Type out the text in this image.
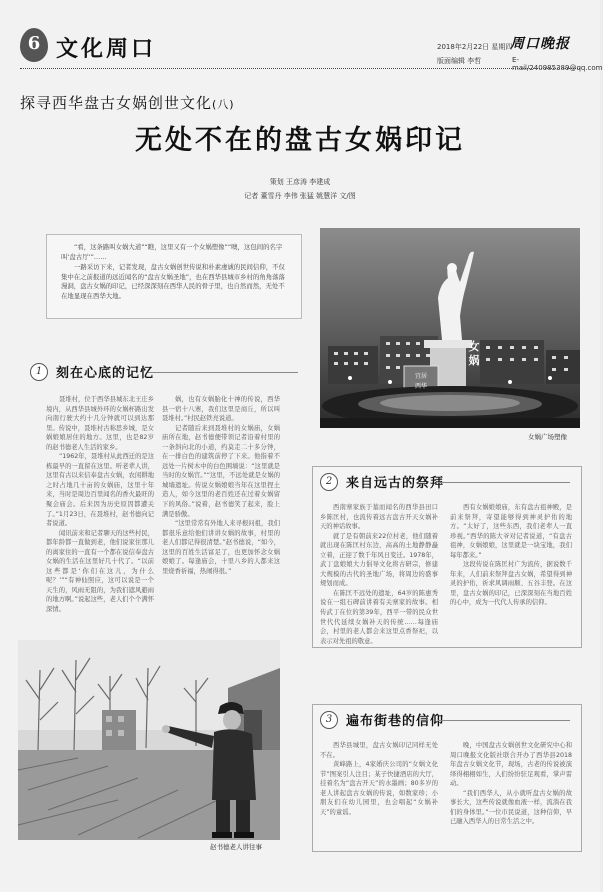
6 文化周口	周口晚报
2018年2月22日 星期四
版面编辑 李哲	E-mail/240985389@qq.com
探寻西华盘古女娲创世文化(八)
无处不在的盘古女娲印记
策划 王彦涛 李建成
记者 董雪丹 李伟 张猛 姚慧洋 文/图

“看，这条路叫女娲大道”“瞧，这里又有一个女娲塑像”“噢，这包间的名字叫‘盘古厅’”……

一路采访下来，记者发现，盘古女娲创世传说和朴素虔诚的民间信仰，不仅集中在之前报道的远近闻名的“盘古女娲圣地”，也在西华县城市乡村的角角落落漫洞，盘古女娲的印记，已经深深刻在西华人民的骨子里，也自然而然，无处不在地显现在西华大地。

女
娲
宜居
西华
女娲广场塑像
1	刻在心底的记忆

聂堆村，位于西华县城东北王庄乡境内，从西华县城外环的女娲杯路出发向南行驶大约十几分钟就可以到达那里。传说中，聂堆村古称思乡城，是女娲娘娘居住的地方。这里，也是82岁的赵书德老人生活的家乡。

“1962年，聂堆村从此西迁的是这栋最早的一直留在这里。听老辈人讲，这里有古以来信奉盘古女娲，农闲耕地之时占地几十亩的女娲庙，这里十年来，当时是周边百里闻名的香火最旺的聚会庙会。后来因为历史原因都遭关了。”1月23日，在聂堆村，赵书德向记者说道。

闻讯前来和记者聊天的这些村民，都年龄都一直做到老，他们说家住那儿的离家住的一直有一个都在说信奉盘古女娲的生活在这里好几十代了。“以前这些都是‘你们在这儿，为什么呢？’”“有神仙照应，这可以说是一个天生的，风雨无阻的，为我们遮风避雨的地方啊。”说起这些，老人们个个满怀深情。

娲，也有女娲胎化十神的传说，西华县一宿十八寨，我们这里是商丘，所以叫聂堆村。”村民赵铁亮说道。

记者随后来到聂堆村的女娲庙，女娲庙所在地，赵书德便带领记者沿着村里的一条斜向北的小道，约莫走二十多分钟，在一排白色的建筑前停了下来。他指着不远处一片树木中的白色围墙说：“这里就是当时的女娲宫。”“这里，不远处就是女娲的城墙遗址。传说女娲娘娘当年在这里捏土造人，如今这里的老百姓还在过着女娲留下的风俗。”说着，赵书德笑了起来，脸上满是骄傲。

“这里常常有外地人来寻根问祖，我们都很乐意给他们讲讲女娲的故事，村里的老人们都记得很清楚。”赵书德说，“如今，这里的百姓生活富足了，也更加怀念女娲娘娘了。每逢庙会，十里八乡的人都来这里烧香祈福，热闹得很。”

2	来自远古的祭拜

西南寨家族于墓而闻名的西华县田口乡陈匡村，也流传着远古盘古开天女娲补天的神话故事。

就了是有朝前来22位村老，他们随着就出现在陈匡村东边，高高的土地静静矗立着，正迎了数千年风日变迁。1978年，武丁盘娘娘大力倡导文化将古研宗，修建大规模的古代的圣地广场，将周边的盛事规划而成。

在陈匡不远处的遗址，64岁的陈惠秀说在一组石碑前讲着有关寨家的故事。相传武丁在位的第39年，西平一带的民众世世代代延续女娲补天的传统……每逢庙会，村里的老人都会来这里点香祭祀，以表示对先祖的敬意。

西有女娲娘娘庙，东有盘古祖神殿，是前来祭拜，寄望能够得到神灵护佑的地方。“太好了，这些东西，我们老辈人一直珍视。”西华的陈大爷对记者说道，“有盘古祖神，女娲娘娘，这里就是一块宝地，我们每年都来。”

这段传说在陈匡村广为流传，据说数千年来，人们前来祭拜盘古女娲，希望得到神灵的护佑，祈求风调雨顺、五谷丰登。在这里，盘古女娲的印记，已深深刻在当地百姓的心中，成为一代代人传承的信仰。

赵书德老人讲往事
3	遍布街巷的信仰

西华县城里，盘古女娲印记同样无处不在。

黄峰路上，4家婚庆公司的“女娲文化节”图案引人注目；某子快捷酒店的大厅，挂着名为“盘古开天”的水墨画；80多岁的老人讲起盘古女娲的传说，如数家珍；小朋友们在幼儿园里，也会唱起“女娲补天”的童谣。

晚，中国盘古女娲创世文化研究中心和周口晚报文化版社联合开办了西华县2018年盘古女娲文化节，现场，古老的传说被演绎得栩栩如生，人们纷纷驻足观看，掌声雷动。

“我们西华人，从小就听盘古女娲的故事长大，这些传说就像血液一样，流淌在我们的身体里。”一位市民说道，这种信仰，早已融入西华人的日常生活之中。
